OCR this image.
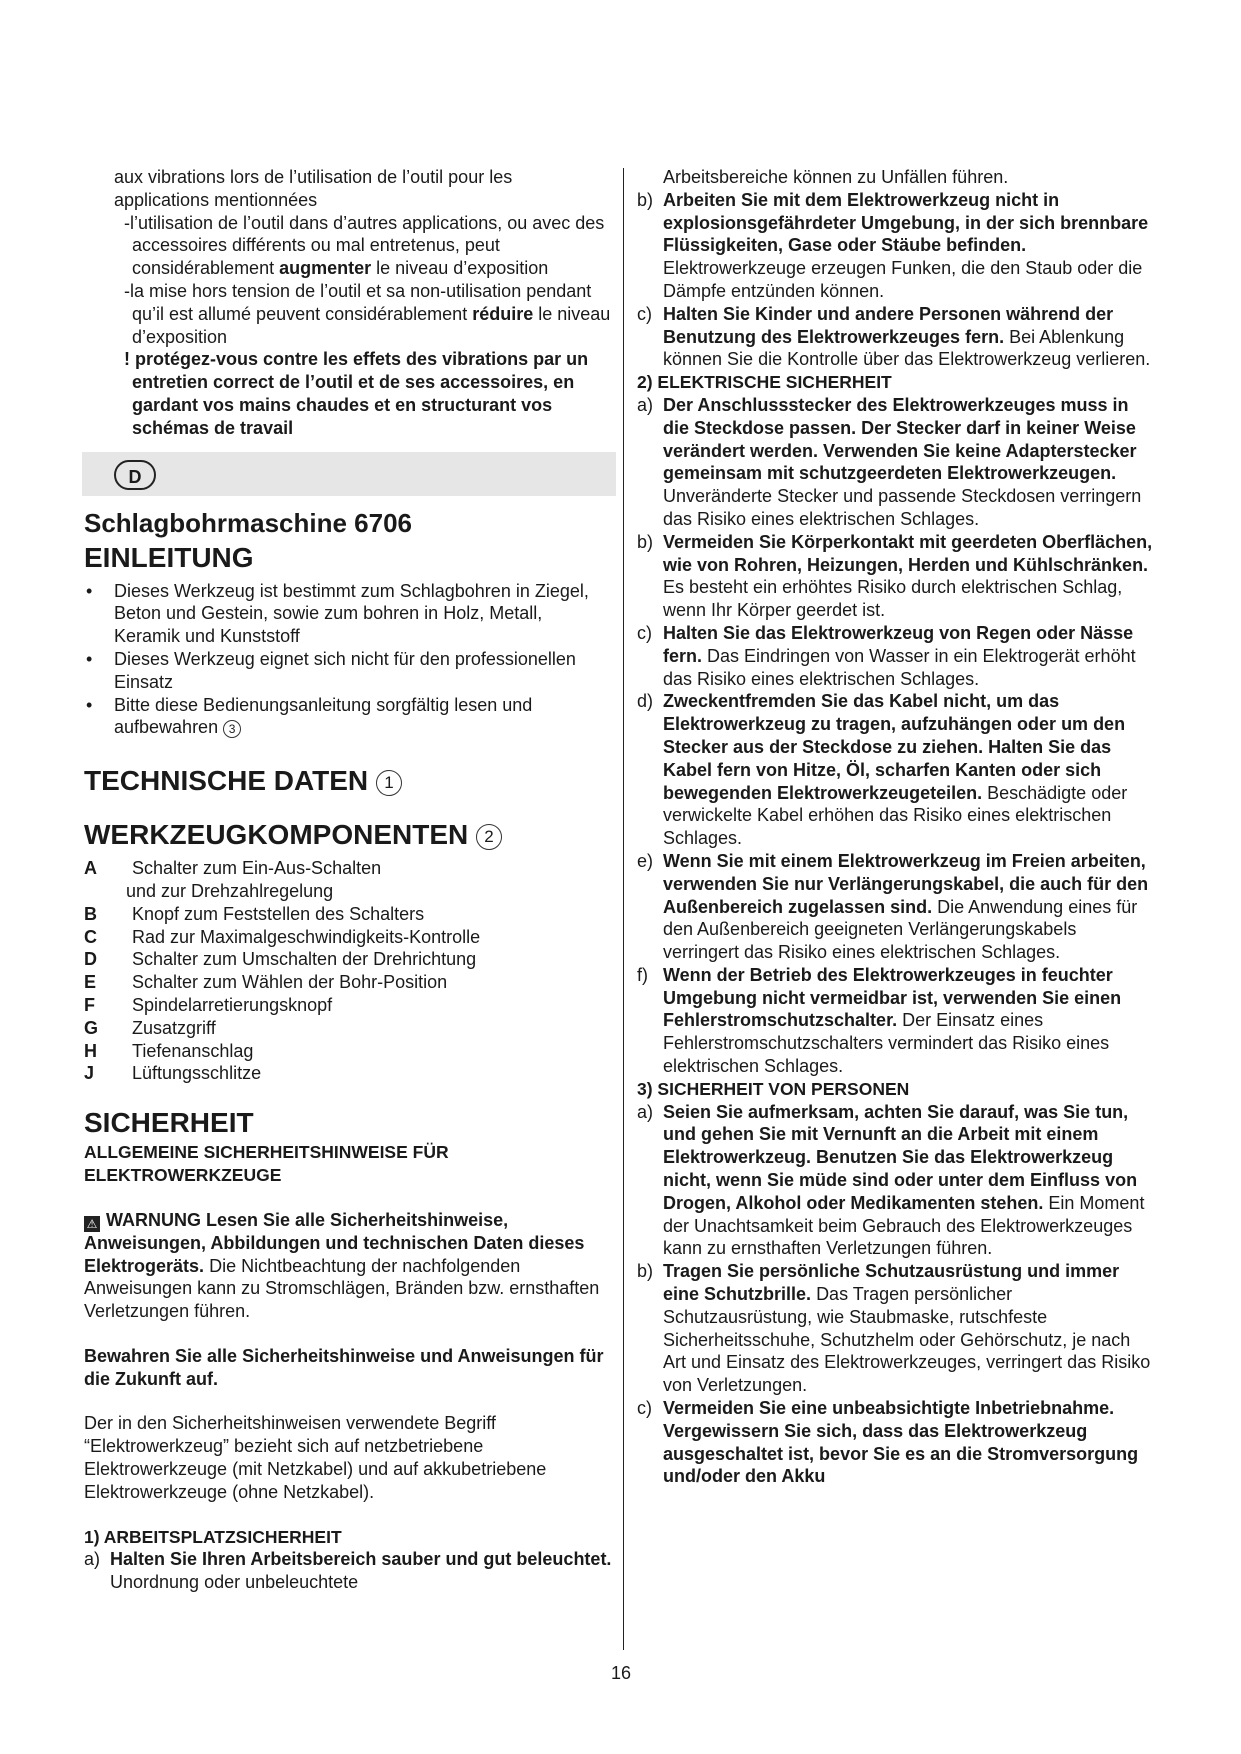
aux vibrations lors de l’utilisation de l’outil pour les applications mentionnées

-l’utilisation de l’outil dans d’autres applications, ou avec des accessoires différents ou mal entretenus, peut considérablement augmenter le niveau d’exposition

-la mise hors tension de l’outil et sa non-utilisation pendant qu’il est allumé peuvent considérablement réduire le niveau d’exposition

! protégez-vous contre les effets des vibrations par un entretien correct de l’outil et de ses accessoires, en gardant vos mains chaudes et en structurant vos schémas de travail

D
Schlagbohrmaschine 6706
EINLEITUNG
• Dieses Werkzeug ist bestimmt zum Schlagbohren in Ziegel, Beton und Gestein, sowie zum bohren in Holz, Metall, Keramik und Kunststoff
• Dieses Werkzeug eignet sich nicht für den professionellen Einsatz
• Bitte diese Bedienungsanleitung sorgfältig lesen und aufbewahren 3
TECHNISCHE DATEN 1
WERKZEUGKOMPONENTEN 2
A	Schalter zum Ein-Aus-Schalten
und zur Drehzahlregelung
B	Knopf zum Feststellen des Schalters
C	Rad zur Maximalgeschwindigkeits-Kontrolle
D	Schalter zum Umschalten der Drehrichtung
E	Schalter zum Wählen der Bohr-Position
F	Spindelarretierungsknopf
G	Zusatzgriff
H	Tiefenanschlag
J	Lüftungsschlitze
SICHERHEIT

ALLGEMEINE SICHERHEITSHINWEISE FÜR ELEKTROWERKZEUGE

⚠ WARNUNG Lesen Sie alle Sicherheitshinweise, Anweisungen, Abbildungen und technischen Daten dieses Elektrogeräts. Die Nichtbeachtung der nachfolgenden Anweisungen kann zu Stromschlägen, Bränden bzw. ernsthaften Verletzungen führen.

Bewahren Sie alle Sicherheitshinweise und Anweisungen für die Zukunft auf.

Der in den Sicherheitshinweisen verwendete Begriff “Elektrowerkzeug” bezieht sich auf netzbetriebene Elektrowerkzeuge (mit Netzkabel) und auf akkubetriebene Elektrowerkzeuge (ohne Netzkabel).

1) ARBEITSPLATZSICHERHEIT

a) Halten Sie Ihren Arbeitsbereich sauber und gut beleuchtet. Unordnung oder unbeleuchtete

Arbeitsbereiche können zu Unfällen führen.

b) Arbeiten Sie mit dem Elektrowerkzeug nicht in explosionsgefährdeter Umgebung, in der sich brennbare Flüssigkeiten, Gase oder Stäube befinden. Elektrowerkzeuge erzeugen Funken, die den Staub oder die Dämpfe entzünden können.
c) Halten Sie Kinder und andere Personen während der Benutzung des Elektrowerkzeuges fern. Bei Ablenkung können Sie die Kontrolle über das Elektrowerkzeug verlieren.

2) ELEKTRISCHE SICHERHEIT

a) Der Anschlussstecker des Elektrowerkzeuges muss in die Steckdose passen. Der Stecker darf in keiner Weise verändert werden. Verwenden Sie keine Adapterstecker gemeinsam mit schutzgeerdeten Elektrowerkzeugen. Unveränderte Stecker und passende Steckdosen verringern das Risiko eines elektrischen Schlages.
b) Vermeiden Sie Körperkontakt mit geerdeten Oberflächen, wie von Rohren, Heizungen, Herden und Kühlschränken. Es besteht ein erhöhtes Risiko durch elektrischen Schlag, wenn Ihr Körper geerdet ist.
c) Halten Sie das Elektrowerkzeug von Regen oder Nässe fern. Das Eindringen von Wasser in ein Elektrogerät erhöht das Risiko eines elektrischen Schlages.
d) Zweckentfremden Sie das Kabel nicht, um das Elektrowerkzeug zu tragen, aufzuhängen oder um den Stecker aus der Steckdose zu ziehen. Halten Sie das Kabel fern von Hitze, Öl, scharfen Kanten oder sich bewegenden Elektrowerkzeugeteilen. Beschädigte oder verwickelte Kabel erhöhen das Risiko eines elektrischen Schlages.
e) Wenn Sie mit einem Elektrowerkzeug im Freien arbeiten, verwenden Sie nur Verlängerungskabel, die auch für den Außenbereich zugelassen sind. Die Anwendung eines für den Außenbereich geeigneten Verlängerungskabels verringert das Risiko eines elektrischen Schlages.
f) Wenn der Betrieb des Elektrowerkzeuges in feuchter Umgebung nicht vermeidbar ist, verwenden Sie einen Fehlerstromschutzschalter. Der Einsatz eines Fehlerstromschutzschalters vermindert das Risiko eines elektrischen Schlages.

3) SICHERHEIT VON PERSONEN

a) Seien Sie aufmerksam, achten Sie darauf, was Sie tun, und gehen Sie mit Vernunft an die Arbeit mit einem Elektrowerkzeug. Benutzen Sie das Elektrowerkzeug nicht, wenn Sie müde sind oder unter dem Einfluss von Drogen, Alkohol oder Medikamenten stehen. Ein Moment der Unachtsamkeit beim Gebrauch des Elektrowerkzeuges kann zu ernsthaften Verletzungen führen.
b) Tragen Sie persönliche Schutzausrüstung und immer eine Schutzbrille. Das Tragen persönlicher Schutzausrüstung, wie Staubmaske, rutschfeste Sicherheitsschuhe, Schutzhelm oder Gehörschutz, je nach Art und Einsatz des Elektrowerkzeuges, verringert das Risiko von Verletzungen.
c) Vermeiden Sie eine unbeabsichtigte Inbetriebnahme. Vergewissern Sie sich, dass das Elektrowerkzeug ausgeschaltet ist, bevor Sie es an die Stromversorgung und/oder den Akku
16
